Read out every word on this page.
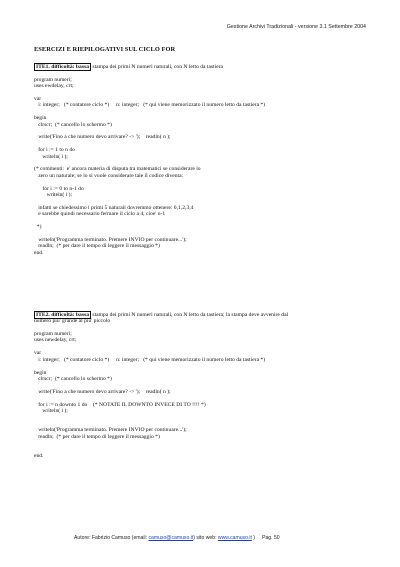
Gestione Archivi Tradizionali - versione 3.1 Settembre 2004
ESERCIZI E RIEPILOGATIVI SUL CICLO FOR
ITE1. difficoltà: bassa stampa dei primi N numeri naturali, con N letto da tastiera
program numeri;
uses ewdelay, crt;
var
i: integer;   (* contatore ciclo *)     n: integer;   (* qui viene memorizzato il numero letto da tastiera *)
begin
clrscr;  (* cancello lo schermo *)
write('Fino a che numero devo arrivare? -> ');    readln( n );
for i := 1 to n do
writeln( i );
(* commenti:  e' ancora materia di disputa tra matematici se considerare lo
zero un naturale; se lo si vuole considerare tale il codice diventa:
for i := 0 to n-1 do
writeln( i );
infatti se chiedessimo i primi 5 naturali dovremmo ottenere: 0,1,2,3,4
e sarebbe quindi necessario fermare il ciclo a 4, cioe' n-1
*)
writeln('Programma terminato. Premere INVIO per continuare...');
readln;  (* per dare il tempo di leggere il messaggio *)
end.
ITE2. difficoltà: bassa stampa dei primi N numeri naturali, con N letto da tastiera; la stampa deve avvenire dal
numero piu' grande al piu' piccolo
program numeri;
uses newdelay, crt;
var
i: integer;   (* contatore ciclo *)     n: integer;   (* qui viene memorizzato il numero letto da tastiera *)
begin
clrscr;  (* cancello lo schermo *)
write('Fino a che numero devo arrivare? -> ');    readln( n );
for i := n downto 1 do    (* NOTATE IL DOWNTO INVECE DI TO !!!! *)
writeln( i );
writeln('Programma terminato. Premere INVIO per continuare...');
readln;  (* per dare il tempo di leggere il messaggio *)
end.
Autore: Fabrizio Camuso (email: camuso@camuso.it) sito web: www.camuso.it )     Pag. 50
